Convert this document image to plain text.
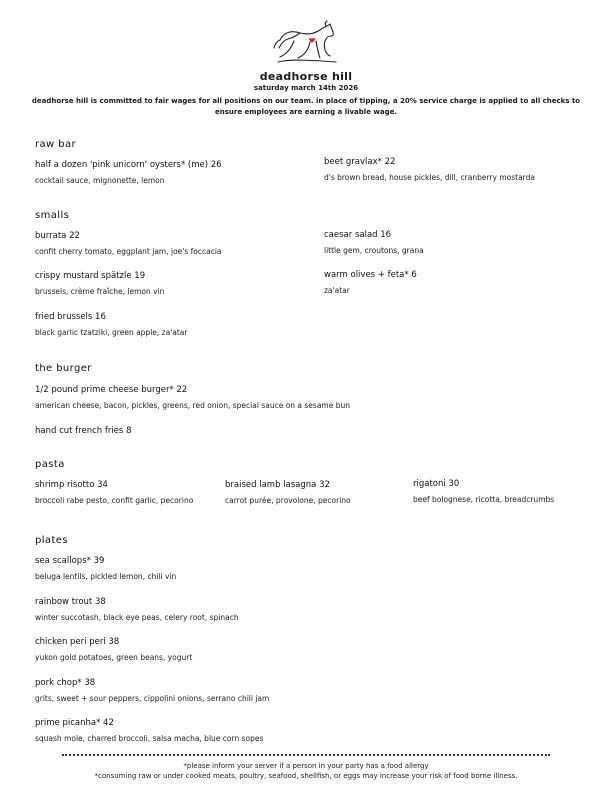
deadhorse hill
saturday march 14th 2026
deadhorse hill is committed to fair wages for all positions on our team. in place of tipping, a 20% service charge is applied to all checks to ensure employees are earning a livable wage.
raw bar
half a dozen 'pink unicorn' oysters* (me) 26
cocktail sauce, mignonette, lemon
beet gravlax* 22
d's brown bread, house pickles, dill, cranberry mostarda
smalls
burrata 22
confit cherry tomato, eggplant jam, joe's foccacia
caesar salad 16
little gem, croutons, grana
crispy mustard spätzle 19
brussels, crème fraîche, lemon vin
warm olives + feta* 6
za'atar
fried brussels 16
black garlic tzatziki, green apple, za'atar
the burger
1/2 pound prime cheese burger* 22
american cheese, bacon, pickles, greens, red onion, special sauce on a sesame bun
hand cut french fries 8
pasta
shrimp risotto 34
broccoli rabe pesto, confit garlic, pecorino
braised lamb lasagna 32
carrot purée, provolone, pecorino
rigatoni 30
beef bolognese, ricotta, breadcrumbs
plates
sea scallops* 39
beluga lentils, pickled lemon, chili vin
rainbow trout 38
winter succotash, black eye peas, celery root, spinach
chicken peri peri 38
yukon gold potatoes, green beans, yogurt
pork chop* 38
grits, sweet + sour peppers, cippolini onions, serrano chili jam
prime picanha* 42
squash mole, charred broccoli, salsa macha, blue corn sopes
*please inform your server if a person in your party has a food allergy
*consuming raw or under cooked meats, poultry, seafood, shellfish, or eggs may increase your risk of food borne illness.
